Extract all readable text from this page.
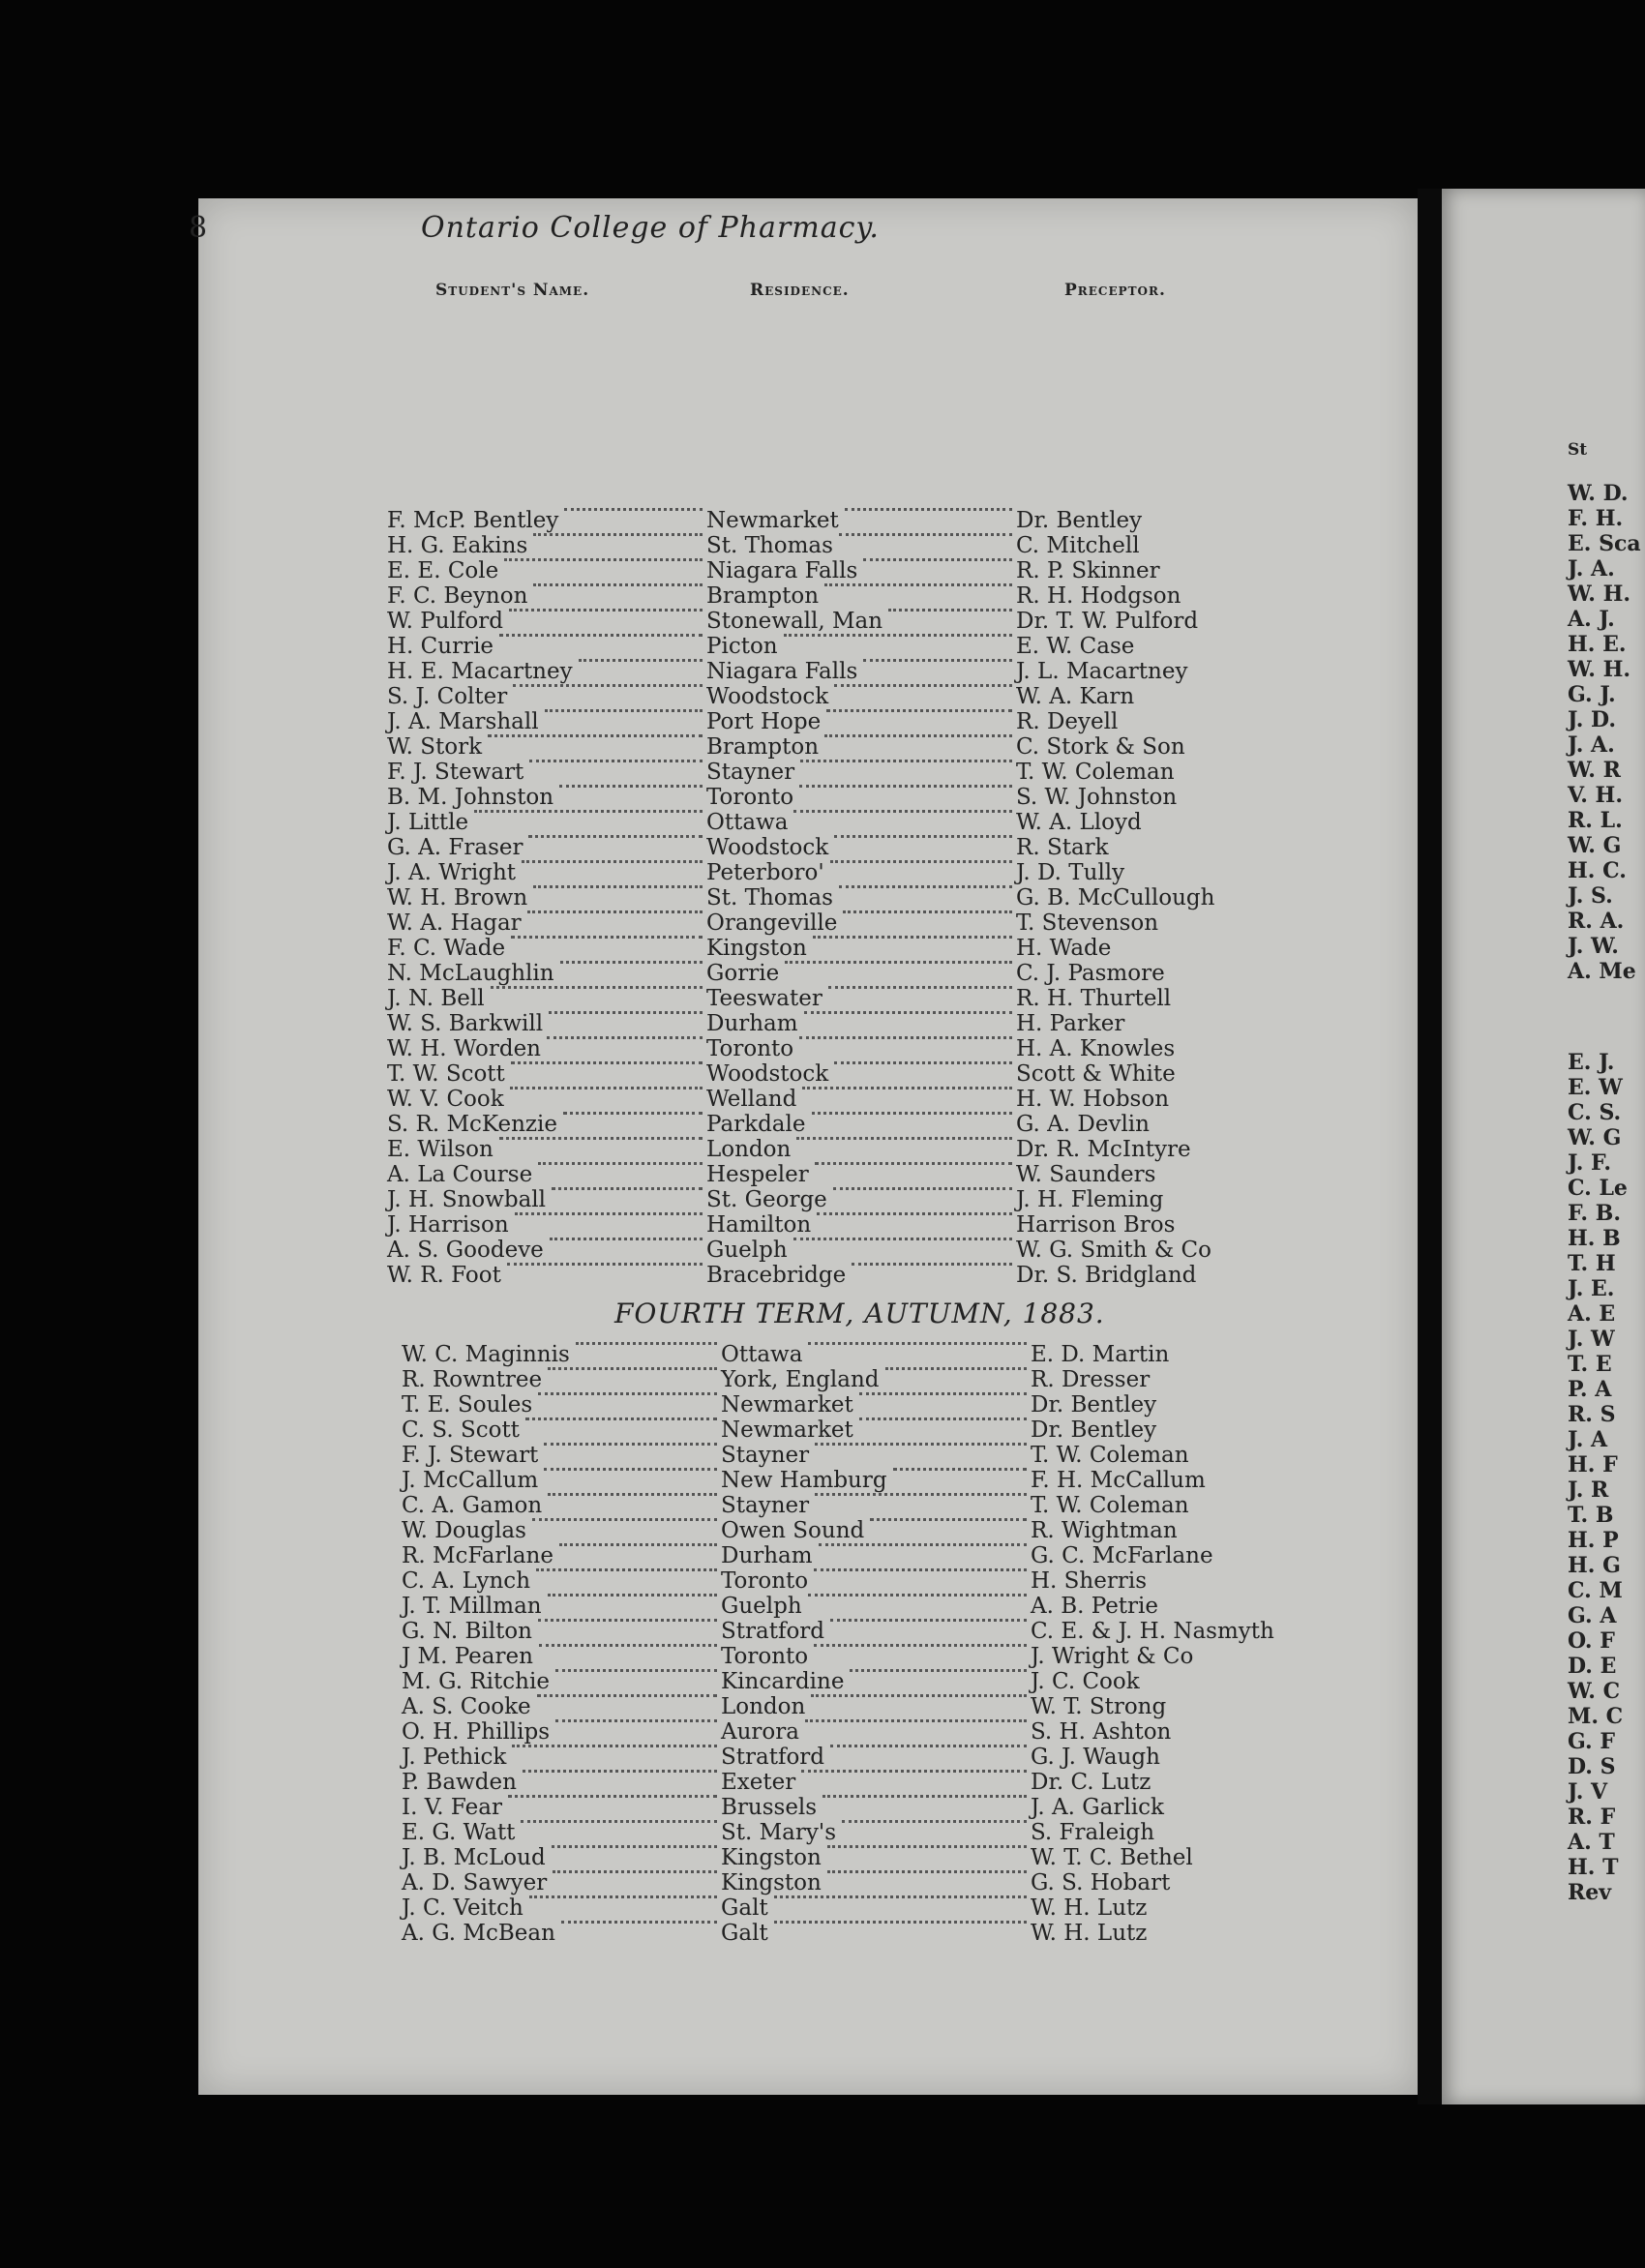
8	Ontario College of Pharmacy.
Student's Name.	Residence.	Preceptor.
F. McP. Bentley	Newmarket	Dr. Bentley
H. G. Eakins	St. Thomas	C. Mitchell
E. E. Cole	Niagara Falls	R. P. Skinner
F. C. Beynon	Brampton	R. H. Hodgson
W. Pulford	Stonewall, Man	Dr. T. W. Pulford
H. Currie	Picton	E. W. Case
H. E. Macartney	Niagara Falls	J. L. Macartney
S. J. Colter	Woodstock	W. A. Karn
J. A. Marshall	Port Hope	R. Deyell
W. Stork	Brampton	C. Stork & Son
F. J. Stewart	Stayner	T. W. Coleman
B. M. Johnston	Toronto	S. W. Johnston
J. Little	Ottawa	W. A. Lloyd
G. A. Fraser	Woodstock	R. Stark
J. A. Wright	Peterboro'	J. D. Tully
W. H. Brown	St. Thomas	G. B. McCullough
W. A. Hagar	Orangeville	T. Stevenson
F. C. Wade	Kingston	H. Wade
N. McLaughlin	Gorrie	C. J. Pasmore
J. N. Bell	Teeswater	R. H. Thurtell
W. S. Barkwill	Durham	H. Parker
W. H. Worden	Toronto	H. A. Knowles
T. W. Scott	Woodstock	Scott & White
W. V. Cook	Welland	H. W. Hobson
S. R. McKenzie	Parkdale	G. A. Devlin
E. Wilson	London	Dr. R. McIntyre
A. La Course	Hespeler	W. Saunders
J. H. Snowball	St. George	J. H. Fleming
J. Harrison	Hamilton	Harrison Bros
A. S. Goodeve	Guelph	W. G. Smith & Co
W. R. Foot	Bracebridge	Dr. S. Bridgland
FOURTH TERM, AUTUMN, 1883.
W. C. Maginnis	Ottawa	E. D. Martin
R. Rowntree	York, England	R. Dresser
T. E. Soules	Newmarket	Dr. Bentley
C. S. Scott	Newmarket	Dr. Bentley
F. J. Stewart	Stayner	T. W. Coleman
J. McCallum	New Hamburg	F. H. McCallum
C. A. Gamon	Stayner	T. W. Coleman
W. Douglas	Owen Sound	R. Wightman
R. McFarlane	Durham	G. C. McFarlane
C. A. Lynch	Toronto	H. Sherris
J. T. Millman	Guelph	A. B. Petrie
G. N. Bilton	Stratford	C. E. & J. H. Nasmyth
J M. Pearen	Toronto	J. Wright & Co
M. G. Ritchie	Kincardine	J. C. Cook
A. S. Cooke	London	W. T. Strong
O. H. Phillips	Aurora	S. H. Ashton
J. Pethick	Stratford	G. J. Waugh
P. Bawden	Exeter	Dr. C. Lutz
I. V. Fear	Brussels	J. A. Garlick
E. G. Watt	St. Mary's	S. Fraleigh
J. B. McLoud	Kingston	W. T. C. Bethel
A. D. Sawyer	Kingston	G. S. Hobart
J. C. Veitch	Galt	W. H. Lutz
A. G. McBean	Galt	W. H. Lutz
St
W. D.
F. H.
E. Sca
J. A.
W. H.
A. J.
H. E.
W. H.
G. J.
J. D.
J. A.
W. R
V. H.
R. L.
W. G
H. C.
J. S.
R. A.
J. W.
A. Me
E. J.
E. W
C. S.
W. G
J. F.
C. Le
F. B.
H. B
T. H
J. E.
A. E
J. W
T. E
P. A
R. S
J. A
H. F
J. R
T. B
H. P
H. G
C. M
G. A
O. F
D. E
W. C
M. C
G. F
D. S
J. V
R. F
A. T
H. T
Rev
